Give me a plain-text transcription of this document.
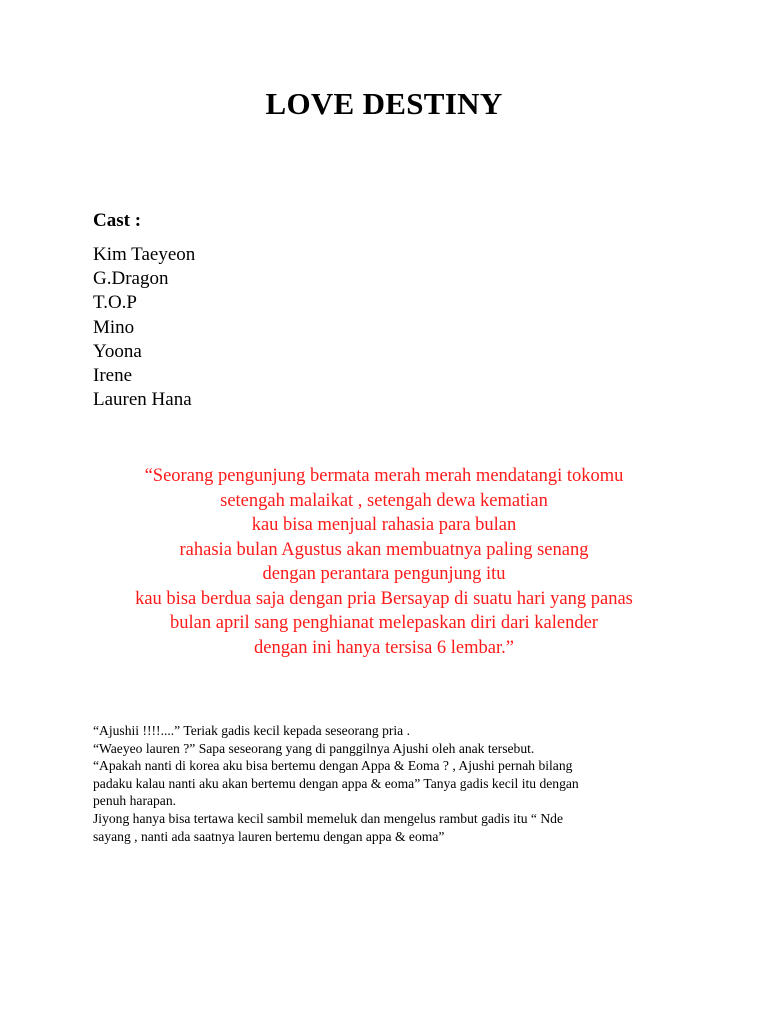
LOVE DESTINY

Cast :

Kim Taeyeon
G.Dragon
T.O.P
Mino
Yoona
Irene
Lauren Hana
“Seorang pengunjung bermata merah merah mendatangi tokomu
setengah malaikat , setengah dewa kematian
kau bisa menjual rahasia para bulan
rahasia bulan Agustus akan membuatnya paling senang
dengan perantara pengunjung itu
kau bisa berdua saja dengan pria Bersayap di suatu hari yang panas
bulan april sang penghianat melepaskan diri dari kalender
dengan ini hanya tersisa 6 lembar.”
“Ajushii !!!!....” Teriak gadis kecil kepada seseorang pria .
“Waeyeo lauren ?” Sapa seseorang yang di panggilnya Ajushi oleh anak tersebut.
“Apakah nanti di korea aku bisa bertemu dengan Appa & Eoma ? , Ajushi pernah bilang
padaku kalau nanti aku akan bertemu dengan appa & eoma” Tanya gadis kecil itu dengan
penuh harapan.
Jiyong hanya bisa tertawa kecil sambil memeluk dan mengelus rambut gadis itu “ Nde
sayang , nanti ada saatnya lauren bertemu dengan appa & eoma”
